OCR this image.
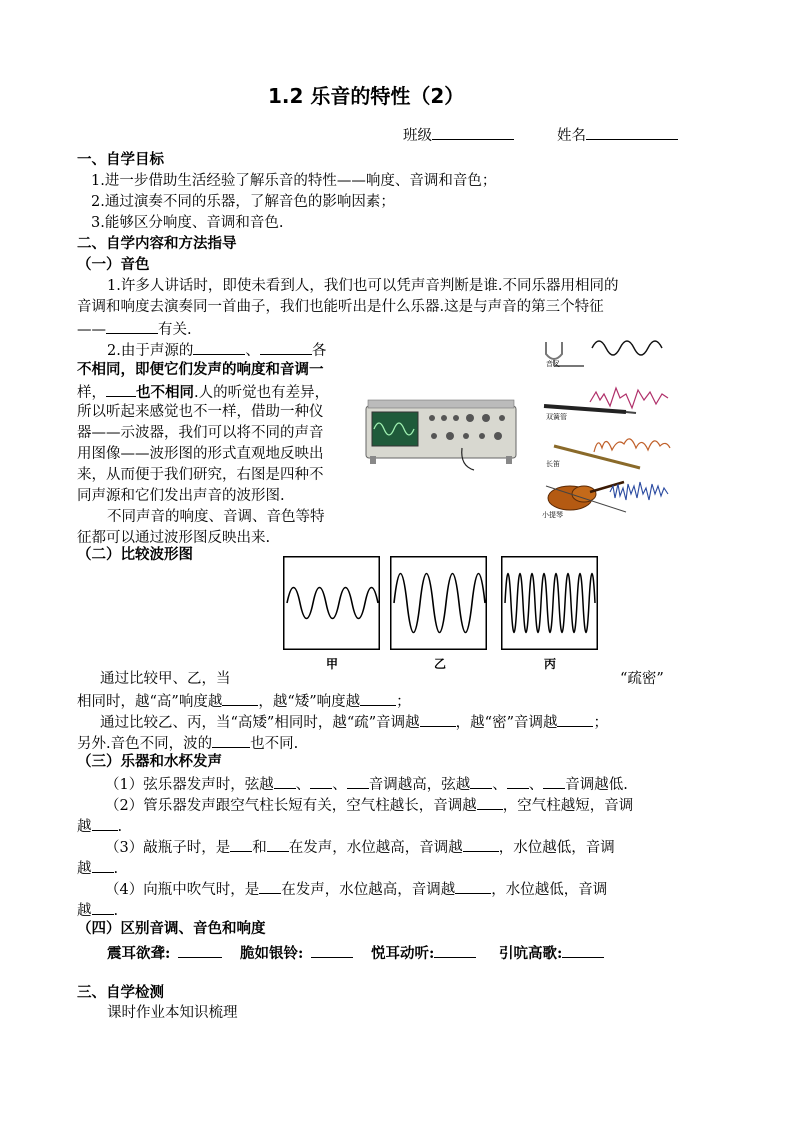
1.2 乐音的特性（2）
班级	姓名
一、自学目标
1.进一步借助生活经验了解乐音的特性——响度、音调和音色；
2.通过演奏不同的乐器，了解音色的影响因素；
3.能够区分响度、音调和音色.
二、自学内容和方法指导
（一）音色
1.许多人讲话时，即使未看到人，我们也可以凭声音判断是谁.不同乐器用相同的
音调和响度去演奏同一首曲子，我们也能听出是什么乐器.这是与声音的第三个特征
——	有关.
2.由于声源的	、	各
不相同，即便它们发声的响度和音调一
样， 也不相同.人的听觉也有差异，
所以听起来感觉也不一样，借助一种仪
器——示波器，我们可以将不同的声音
用图像——波形图的形式直观地反映出
来，从而便于我们研究，右图是四种不
同声源和它们发出声音的波形图.
不同声音的响度、音调、音色等特
征都可以通过波形图反映出来.
音叉
双簧管
长笛
小提琴
（二）比较波形图
甲	乙	丙
通过比较甲、乙，当	“疏密”
相同时，越“高”响度越 ，越“矮”响度越 ；
通过比较乙、丙，当“高矮”相同时，越“疏”音调越 ，越“密”音调越 ；
另外.音色不同，波的	也不同.
（三）乐器和水杯发声
（1）弦乐器发声时，弦越 、 、 音调越高，弦越 、 、 音调越低.
（2）管乐器发声跟空气柱长短有关，空气柱越长，音调越 ，空气柱越短，音调
越 .
（3）敲瓶子时，是 和 在发声，水位越高，音调越 ，水位越低，音调
越 .
（4）向瓶中吹气时，是 在发声，水位越高，音调越 ，水位越低，音调
越 .
（四）区别音调、音色和响度
震耳欲聋:	脆如银铃:	悦耳动听:	引吭高歌:
三、自学检测
课时作业本知识梳理
